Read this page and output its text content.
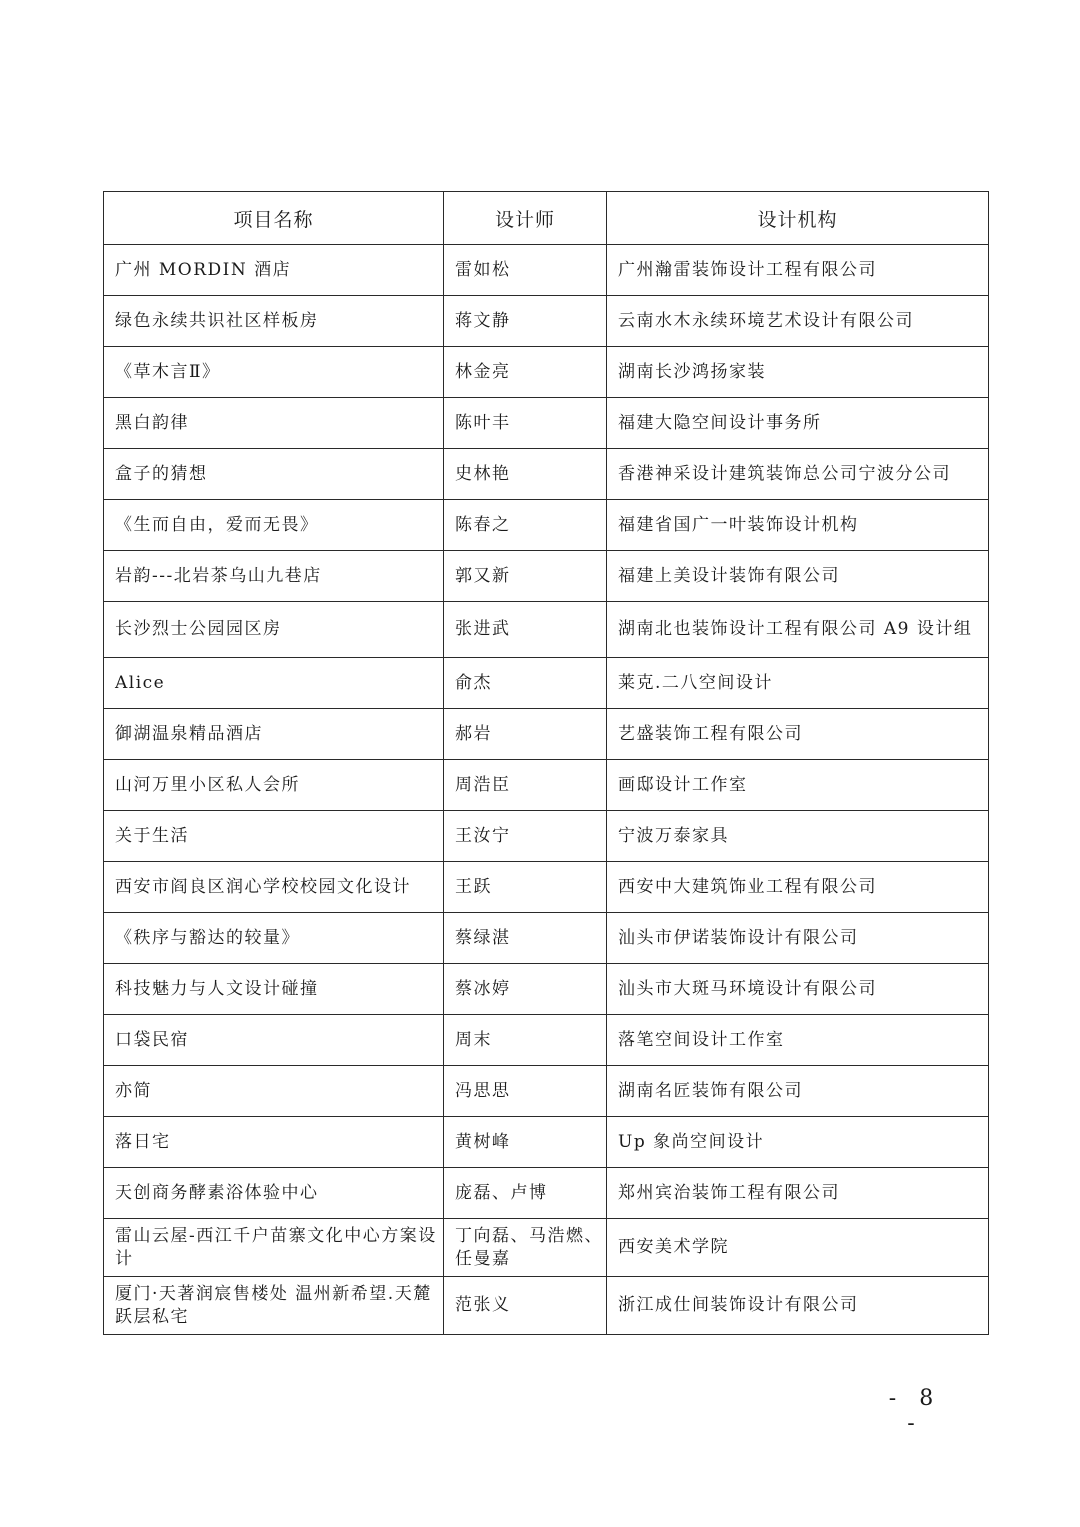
项目名称	设计师	设计机构
广州 MORDIN 酒店	雷如松	广州瀚雷装饰设计工程有限公司
绿色永续共识社区样板房	蒋文静	云南水木永续环境艺术设计有限公司
《草木言Ⅱ》	林金亮	湖南长沙鸿扬家装
黑白韵律	陈叶丰	福建大隐空间设计事务所
盒子的猜想	史林艳	香港神采设计建筑装饰总公司宁波分公司
《生而自由，爱而无畏》	陈春之	福建省国广一叶装饰设计机构
岩韵---北岩茶乌山九巷店	郭又新	福建上美设计装饰有限公司
长沙烈士公园园区房	张进武	湖南北也装饰设计工程有限公司 A9 设计组
Alice	俞杰	莱克.二八空间设计
御湖温泉精品酒店	郝岩	艺盛装饰工程有限公司
山河万里小区私人会所	周浩臣	画邸设计工作室
关于生活	王汝宁	宁波万泰家具
西安市阎良区润心学校校园文化设计	王跃	西安中大建筑饰业工程有限公司
《秩序与豁达的较量》	蔡绿湛	汕头市伊诺装饰设计有限公司
科技魅力与人文设计碰撞	蔡冰婷	汕头市大斑马环境设计有限公司
口袋民宿	周末	落笔空间设计工作室
亦简	冯思思	湖南名匠装饰有限公司
落日宅	黄树峰	Up 象尚空间设计
天创商务酵素浴体验中心	庞磊、卢博	郑州宾治装饰工程有限公司
雷山云屋-西江千户苗寨文化中心方案设计	丁向磊、马浩燃、任曼嘉	西安美术学院
厦门·天著润宸售楼处 温州新希望.天麓跃层私宅	范张义	浙江成仕间装饰设计有限公司
- 8 -
